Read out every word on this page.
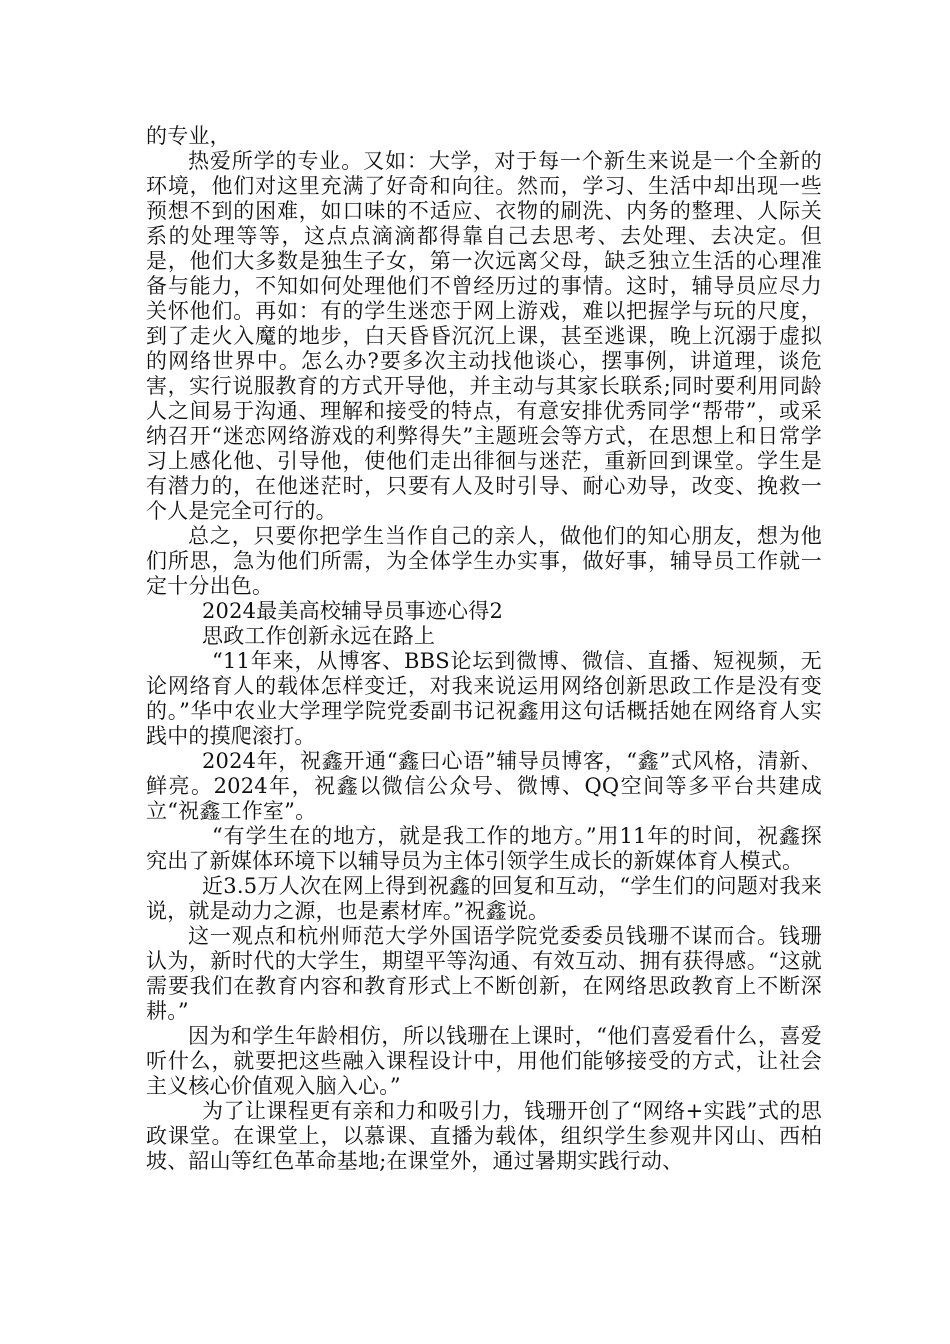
的专业，

热爱所学的专业。又如：大学，对于每一个新生来说是一个全新的环境，他们对这里充满了好奇和向往。然而，学习、生活中却出现一些预想不到的困难，如口味的不适应、衣物的刷洗、内务的整理、人际关系的处理等等，这点点滴滴都得靠自己去思考、去处理、去决定。但是，他们大多数是独生子女，第一次远离父母，缺乏独立生活的心理准备与能力，不知如何处理他们不曾经历过的事情。这时，辅导员应尽力关怀他们。再如：有的学生迷恋于网上游戏，难以把握学与玩的尺度，到了走火入魔的地步，白天昏昏沉沉上课，甚至逃课，晚上沉溺于虚拟的网络世界中。怎么办?要多次主动找他谈心，摆事例，讲道理，谈危害，实行说服教育的方式开导他，并主动与其家长联系;同时要利用同龄人之间易于沟通、理解和接受的特点，有意安排优秀同学“帮带”，或采纳召开“迷恋网络游戏的利弊得失”主题班会等方式，在思想上和日常学习上感化他、引导他，使他们走出徘徊与迷茫，重新回到课堂。学生是有潜力的，在他迷茫时，只要有人及时引导、耐心劝导，改变、挽救一个人是完全可行的。

总之，只要你把学生当作自己的亲人，做他们的知心朋友，想为他们所思，急为他们所需，为全体学生办实事，做好事，辅导员工作就一定十分出色。

2024最美高校辅导员事迹心得2

思政工作创新永远在路上

“11年来，从博客、BBS论坛到微博、微信、直播、短视频，无论网络育人的载体怎样变迁，对我来说运用网络创新思政工作是没有变的。”华中农业大学理学院党委副书记祝鑫用这句话概括她在网络育人实践中的摸爬滚打。

2024年，祝鑫开通“鑫曰心语”辅导员博客，“鑫”式风格，清新、鲜亮。2024年，祝鑫以微信公众号、微博、QQ空间等多平台共建成立“祝鑫工作室”。

“有学生在的地方，就是我工作的地方。”用11年的时间，祝鑫探究出了新媒体环境下以辅导员为主体引领学生成长的新媒体育人模式。

近3.5万人次在网上得到祝鑫的回复和互动，“学生们的问题对我来说，就是动力之源，也是素材库。”祝鑫说。

这一观点和杭州师范大学外国语学院党委委员钱珊不谋而合。钱珊认为，新时代的大学生，期望平等沟通、有效互动、拥有获得感。“这就需要我们在教育内容和教育形式上不断创新，在网络思政教育上不断深耕。”

因为和学生年龄相仿，所以钱珊在上课时，“他们喜爱看什么，喜爱听什么，就要把这些融入课程设计中，用他们能够接受的方式，让社会主义核心价值观入脑入心。”

为了让课程更有亲和力和吸引力，钱珊开创了“网络+实践”式的思政课堂。在课堂上，以慕课、直播为载体，组织学生参观井冈山、西柏坡、韶山等红色革命基地;在课堂外，通过暑期实践行动、
